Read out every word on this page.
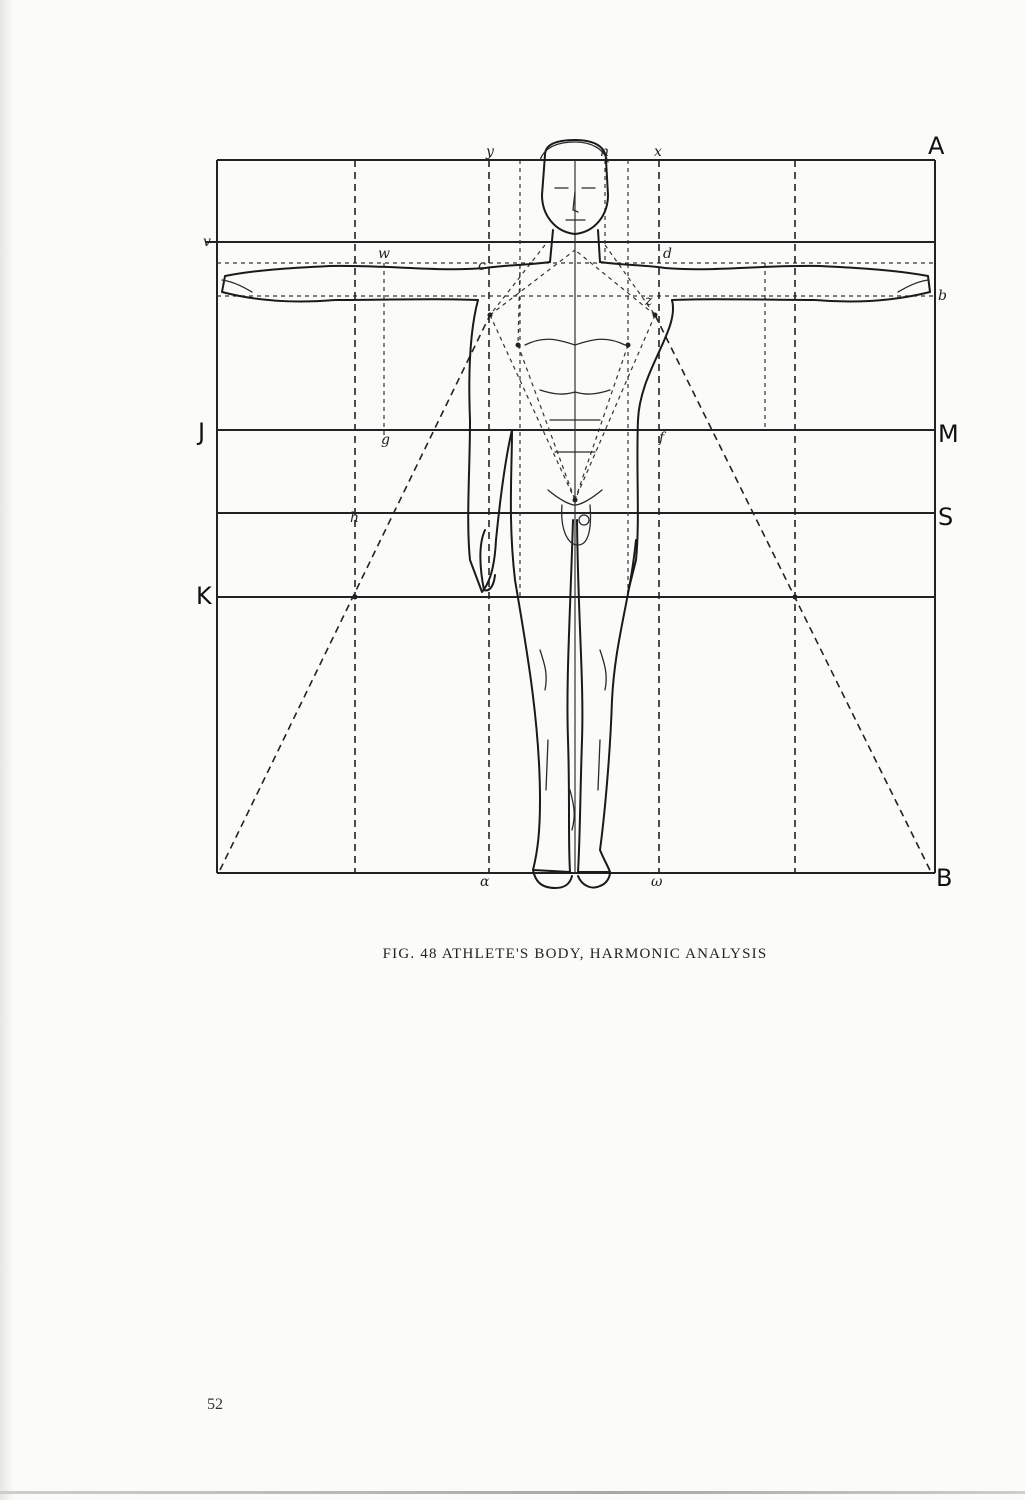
A
B
J	M
S
K
b
d
c
v
w
x
y	n
α	ω
g	f
h
z
FIG. 48 ATHLETE'S BODY, HARMONIC ANALYSIS
52
